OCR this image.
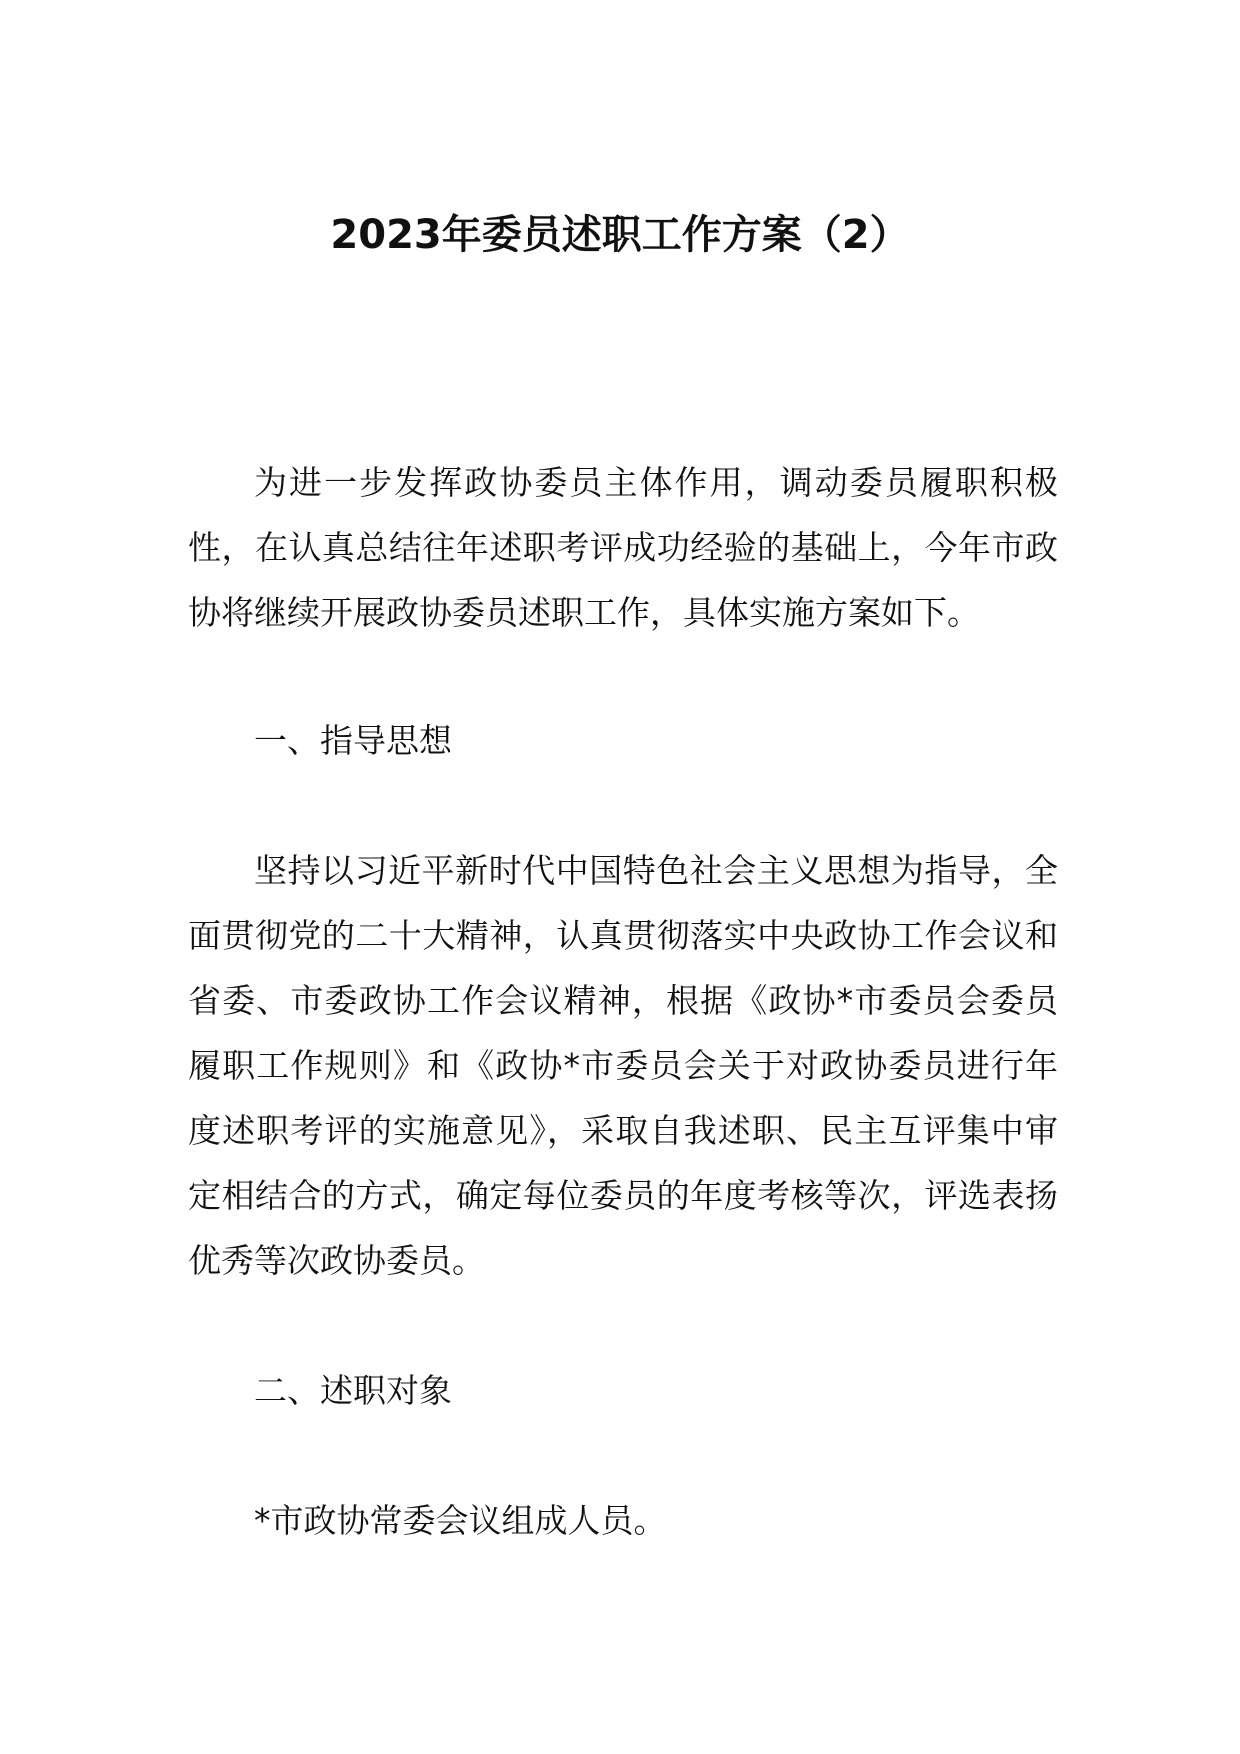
2023年委员述职工作方案（2）

为进一步发挥政协委员主体作用，调动委员履职积极性，在认真总结往年述职考评成功经验的基础上，今年市政协将继续开展政协委员述职工作，具体实施方案如下。

一、指导思想

坚持以习近平新时代中国特色社会主义思想为指导，全面贯彻党的二十大精神，认真贯彻落实中央政协工作会议和省委、市委政协工作会议精神，根据《政协*市委员会委员履职工作规则》和《政协*市委员会关于对政协委员进行年度述职考评的实施意见》，采取自我述职、民主互评集中审定相结合的方式，确定每位委员的年度考核等次，评选表扬优秀等次政协委员。

二、述职对象

*市政协常委会议组成人员。
